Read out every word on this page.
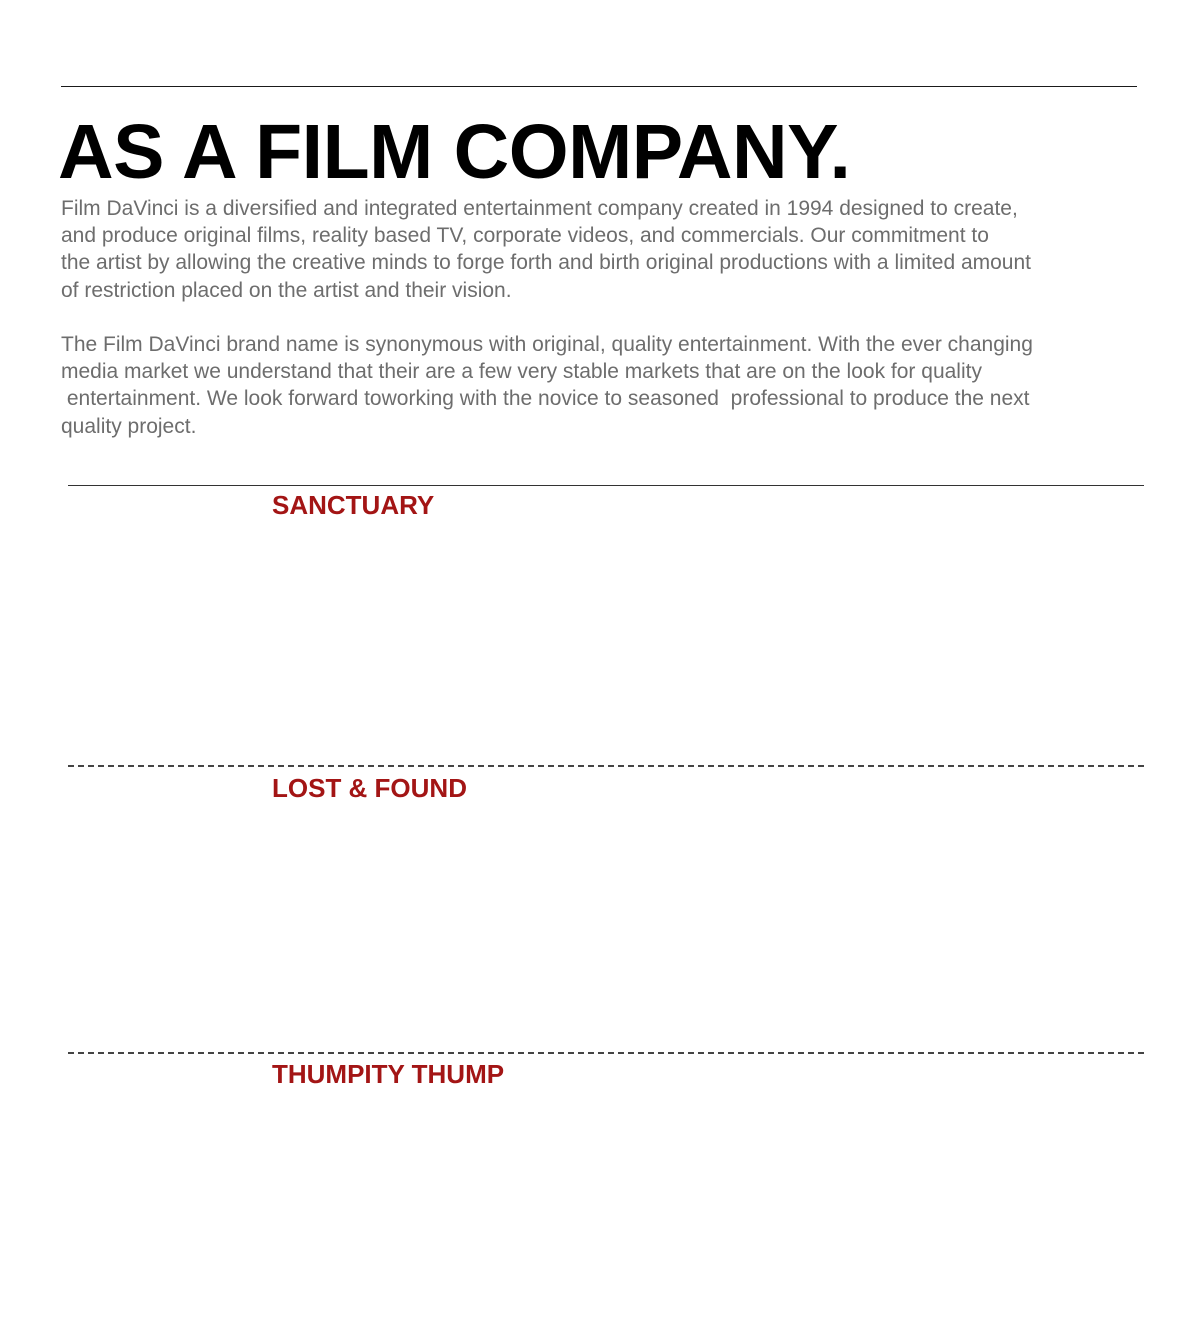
AS A FILM COMPANY.

Film DaVinci is a diversified and integrated entertainment company created in 1994 designed to create,
and produce original films, reality based TV, corporate videos, and commercials. Our commitment to
the artist by allowing the creative minds to forge forth and birth original productions with a limited amount
of restriction placed on the artist and their vision.

The Film DaVinci brand name is synonymous with original, quality entertainment. With the ever changing
media market we understand that their are a few very stable markets that are on the look for quality
entertainment. We look forward toworking with the novice to seasoned  professional to produce the next
quality project.

SANCTUARY
LOST & FOUND
THUMPITY THUMP
